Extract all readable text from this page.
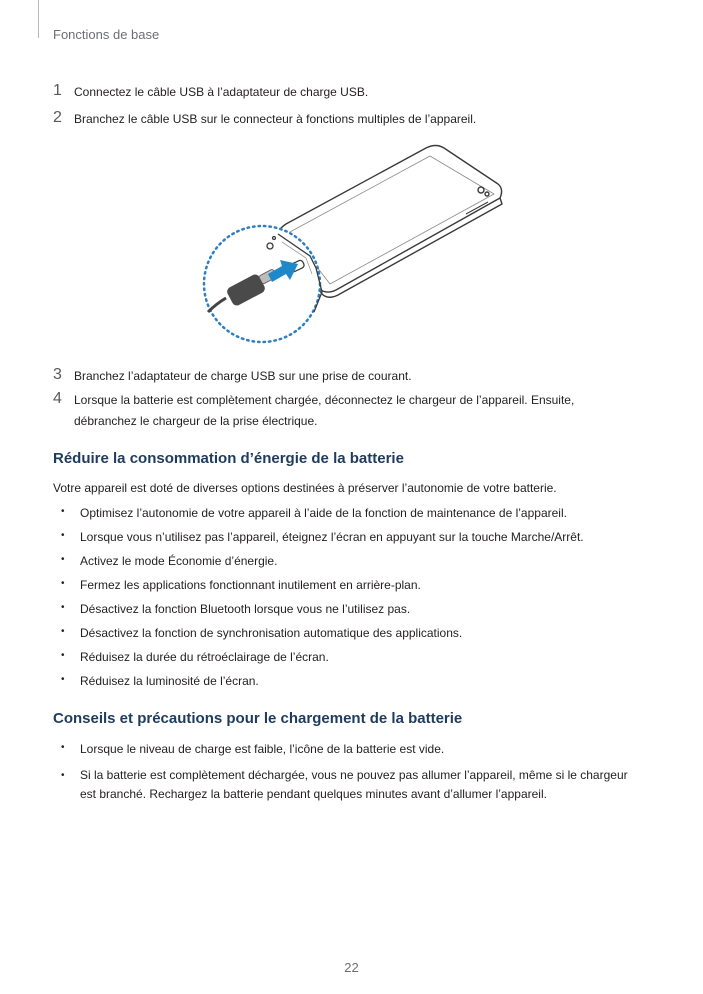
Fonctions de base
1 Connectez le câble USB à l’adaptateur de charge USB.
2 Branchez le câble USB sur le connecteur à fonctions multiples de l’appareil.
3 Branchez l’adaptateur de charge USB sur une prise de courant.
4 Lorsque la batterie est complètement chargée, déconnectez le chargeur de l’appareil. Ensuite, débranchez le chargeur de la prise électrique.
Réduire la consommation d’énergie de la batterie
Votre appareil est doté de diverses options destinées à préserver l’autonomie de votre batterie.
• Optimisez l’autonomie de votre appareil à l’aide de la fonction de maintenance de l’appareil.
• Lorsque vous n’utilisez pas l’appareil, éteignez l’écran en appuyant sur la touche Marche/Arrêt.
• Activez le mode Économie d’énergie.
• Fermez les applications fonctionnant inutilement en arrière-plan.
• Désactivez la fonction Bluetooth lorsque vous ne l’utilisez pas.
• Désactivez la fonction de synchronisation automatique des applications.
• Réduisez la durée du rétroéclairage de l’écran.
• Réduisez la luminosité de l’écran.
Conseils et précautions pour le chargement de la batterie
• Lorsque le niveau de charge est faible, l’icône de la batterie est vide.
• Si la batterie est complètement déchargée, vous ne pouvez pas allumer l’appareil, même si le chargeur est branché. Rechargez la batterie pendant quelques minutes avant d’allumer l’appareil.
22
